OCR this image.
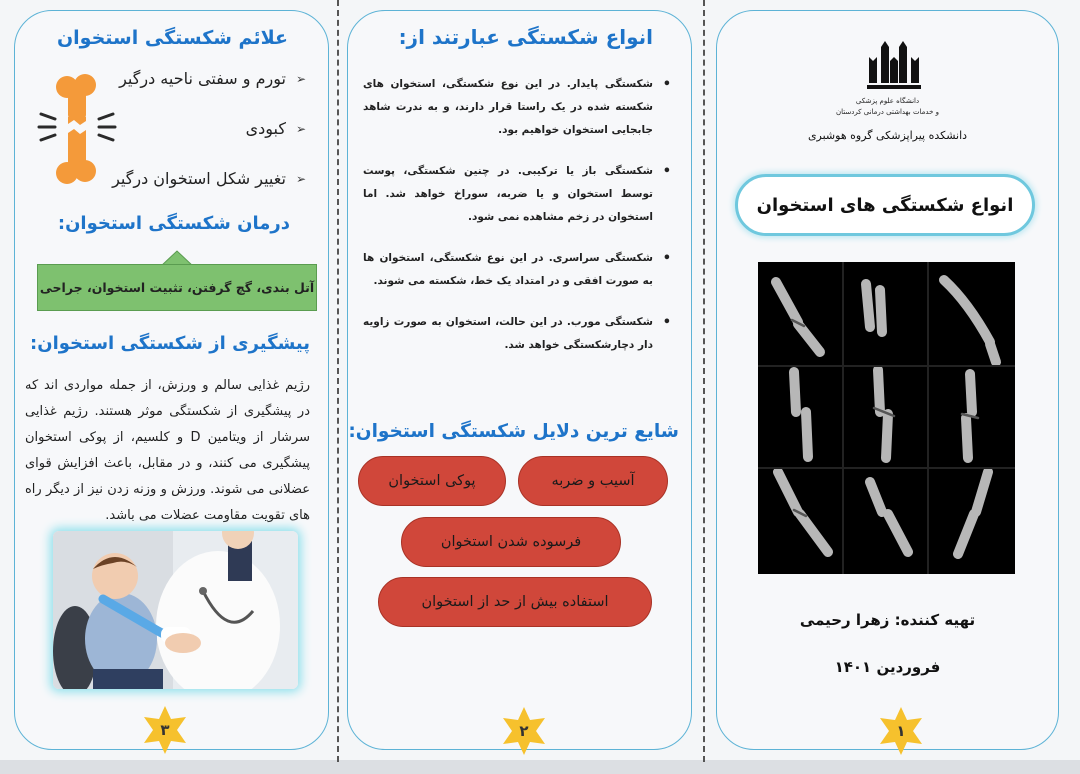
علائم شکستگی استخوان
➢
تورم و سفتی ناحیه درگیر
➢
کبودی
➢
تغییر شکل استخوان درگیر
درمان شکستگی استخوان:
آتل بندی، گچ گرفتن، تثبیت استخوان، جراحی
پیشگیری از شکستگی استخوان:
رژیم غذایی سالم و ورزش، از جمله مواردی اند که در پیشگیری از شکستگی موثر هستند. رژیم غذایی سرشار از ویتامین D و کلسیم، از پوکی استخوان پیشگیری می کنند، و در مقابل، باعث افزایش قوای عضلانی می شوند. ورزش و وزنه زدن نیز از دیگر راه های تقویت مقاومت عضلات می باشد.
۳
انواع شکستگی عبارتند از:
• شکستگی پایدار. در این نوع شکستگی، استخوان های شکسته شده در یک راستا قرار دارند، و به ندرت شاهد جابجایی استخوان خواهیم بود.
• شکستگی باز یا ترکیبی. در چنین شکستگی، پوست توسط استخوان و یا ضربه، سوراخ خواهد شد. اما استخوان در زخم مشاهده نمی شود.
• شکستگی سراسری. در این نوع شکستگی، استخوان ها به صورت افقی و در امتداد یک خط، شکسته می شوند.
• شکستگی مورب. در این حالت، استخوان به صورت زاویه دار دچارشکستگی خواهد شد.
شایع ترین دلایل شکستگی استخوان:
آسیب و ضربه
پوکی استخوان
فرسوده شدن استخوان
استفاده بیش از حد از استخوان
۲
دانشگاه علوم پزشکی
و خدمات بهداشتی درمانی کردستان
دانشکده پیراپزشکی گروه هوشبری
انواع شکستگی های استخوان
تهیه کننده: زهرا رحیمی
فروردین ۱۴۰۱
۱
